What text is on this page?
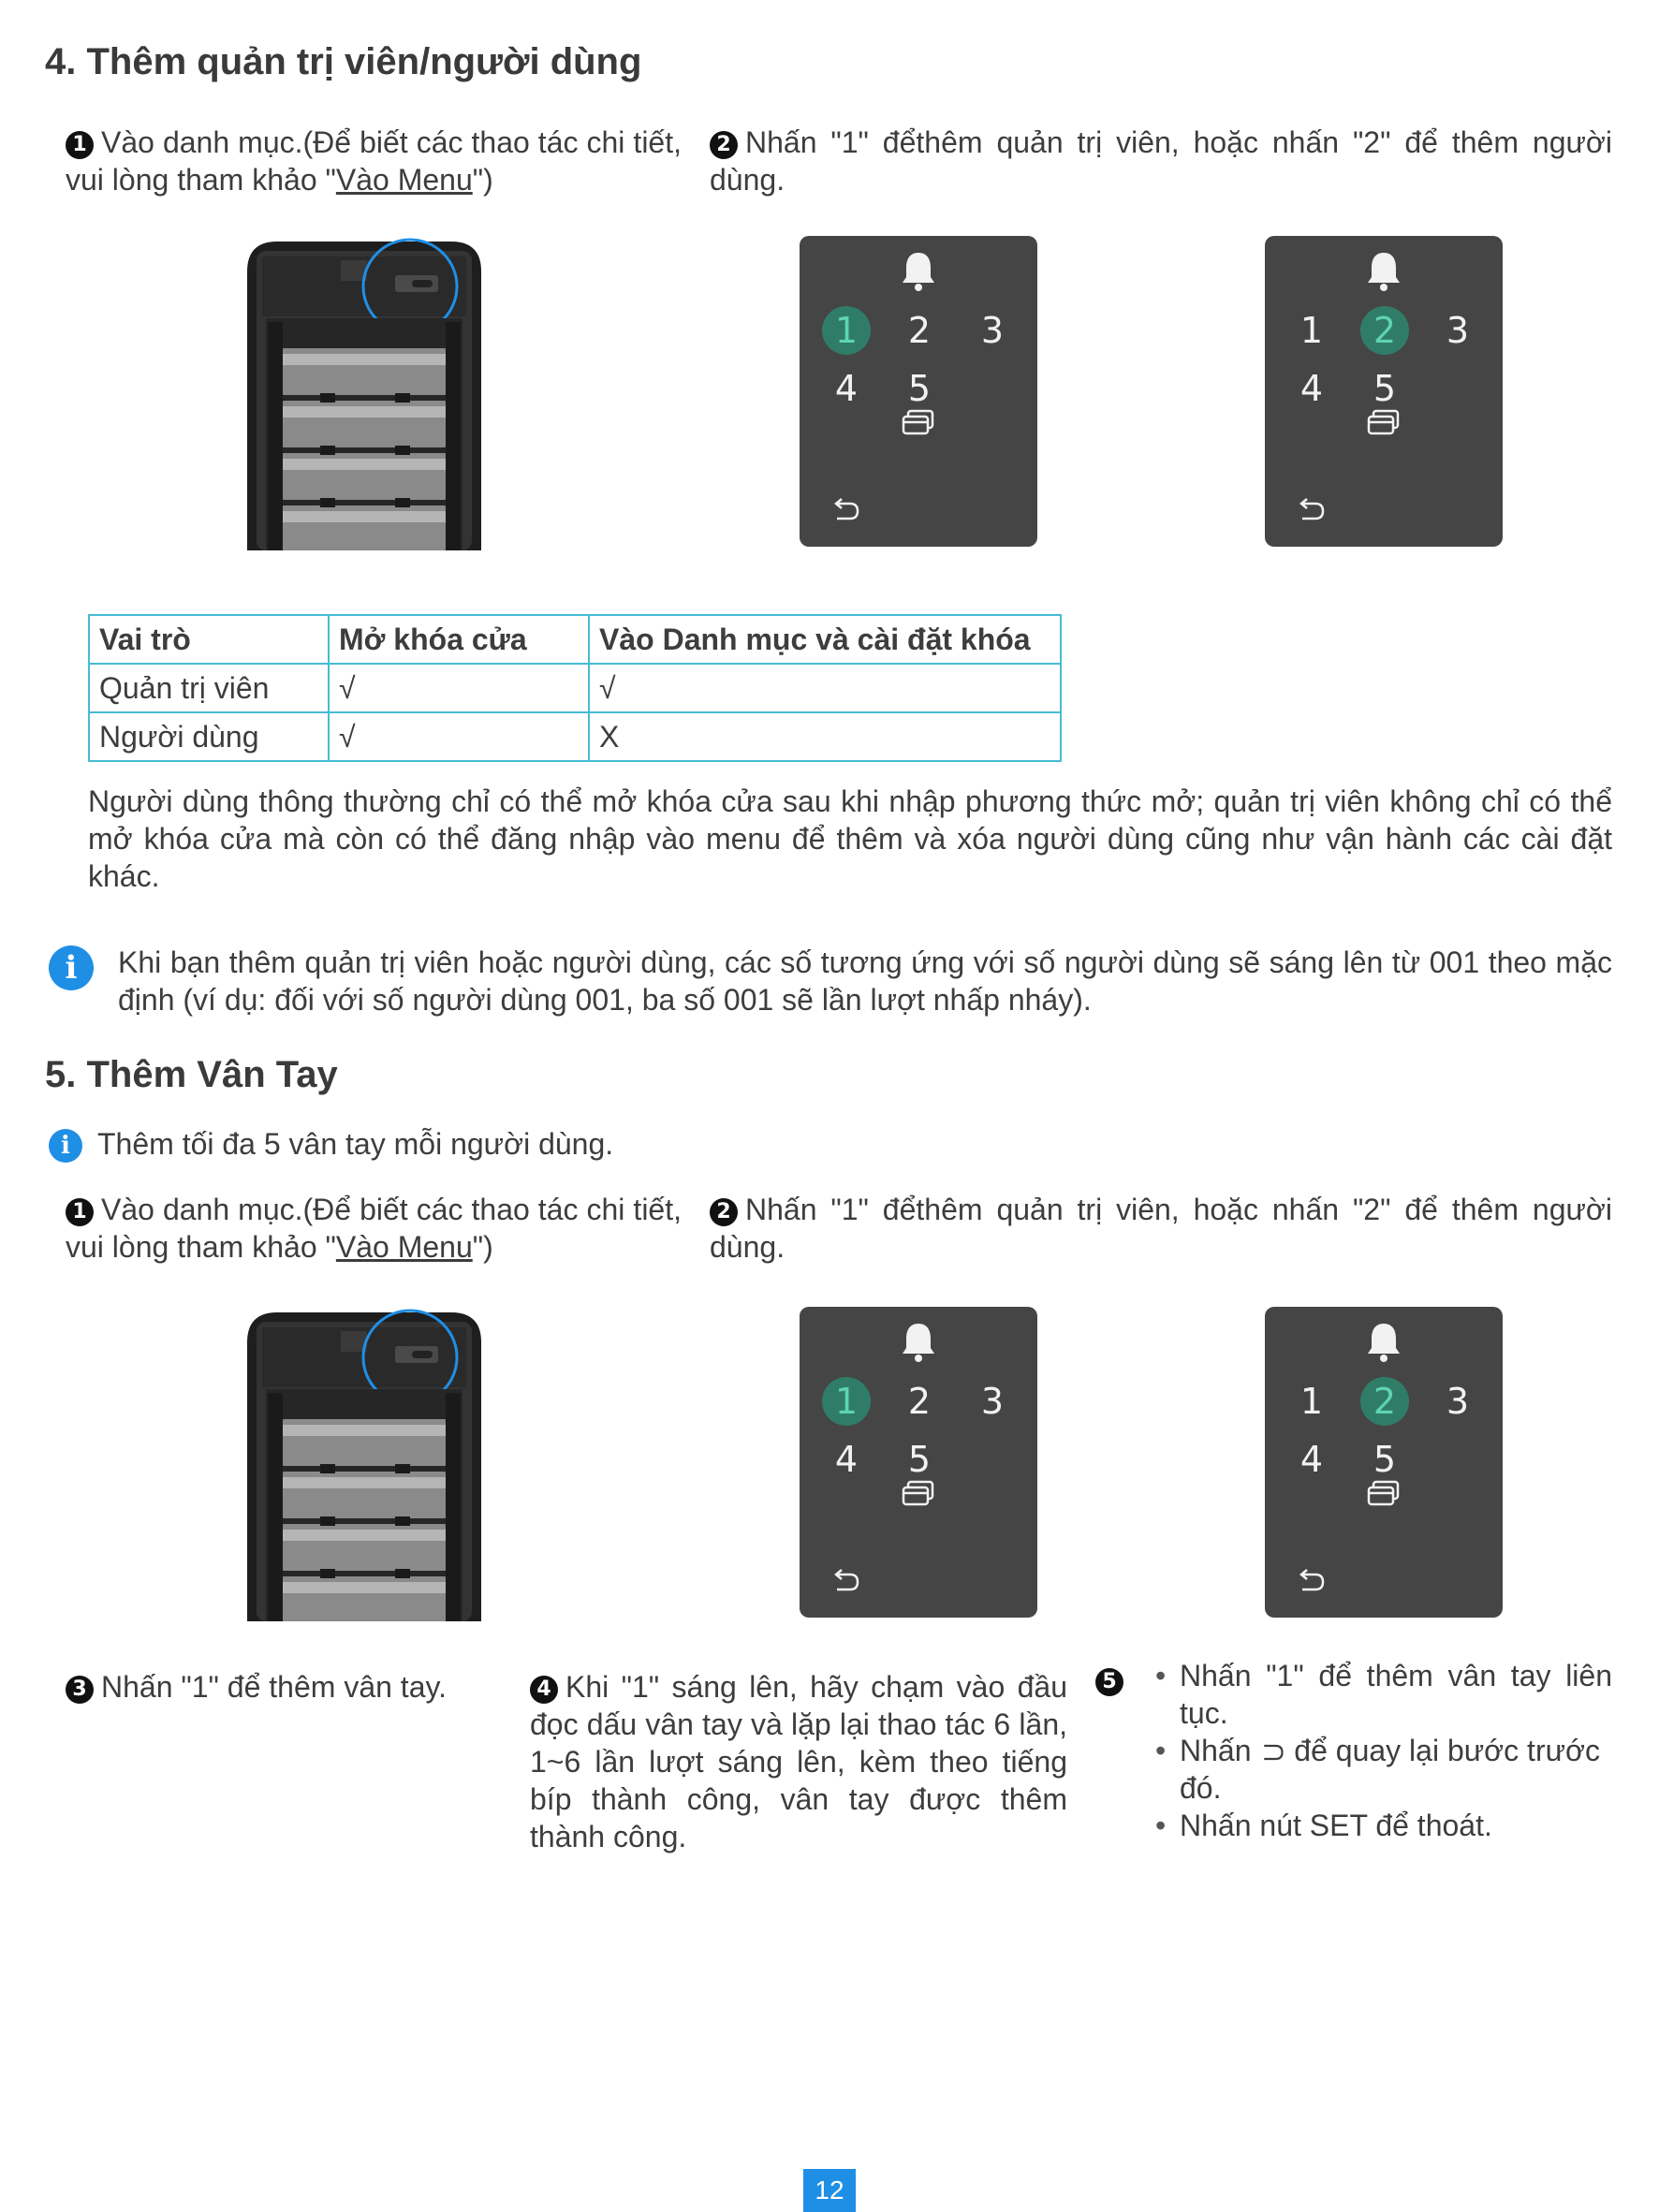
4. Thêm quản trị viên/người dùng
1 Vào danh mục.(Để biết các thao tác chi tiết, vui lòng tham khảo "Vào Menu")
2 Nhấn "1" đểthêm quản trị viên, hoặc nhấn "2" để thêm người dùng.
1	2	3
4	5
1	2	3
4	5
Vai trò	Mở khóa cửa	Vào Danh mục và cài đặt khóa
Quản trị viên	√	√
Người dùng	√	X
Người dùng thông thường chỉ có thể mở khóa cửa sau khi nhập phương thức mở; quản trị viên không chỉ có thể mở khóa cửa mà còn có thể đăng nhập vào menu để thêm và xóa người dùng cũng như vận hành các cài đặt khác.
i	Khi bạn thêm quản trị viên hoặc người dùng, các số tương ứng với số người dùng sẽ sáng lên từ 001 theo mặc định (ví dụ: đối với số người dùng 001, ba số 001 sẽ lần lượt nhấp nháy).
5. Thêm Vân Tay
i Thêm tối đa 5 vân tay mỗi người dùng.
1 Vào danh mục.(Để biết các thao tác chi tiết, vui lòng tham khảo "Vào Menu")
2 Nhấn "1" đểthêm quản trị viên, hoặc nhấn "2" để thêm người dùng.
1	2	3
4	5
1	2	3
4	5
3 Nhấn "1" để thêm vân tay.	4 Khi "1" sáng lên, hãy chạm vào đầu đọc dấu vân tay và lặp lại thao tác 6 lần, 1~6 lần lượt sáng lên, kèm theo tiếng bíp thành công, vân tay được thêm thành công.
5	• Nhấn "1" để thêm vân tay liên tục.
• Nhấn để quay lại bước trước đó.
• Nhấn nút SET để thoát.
12
